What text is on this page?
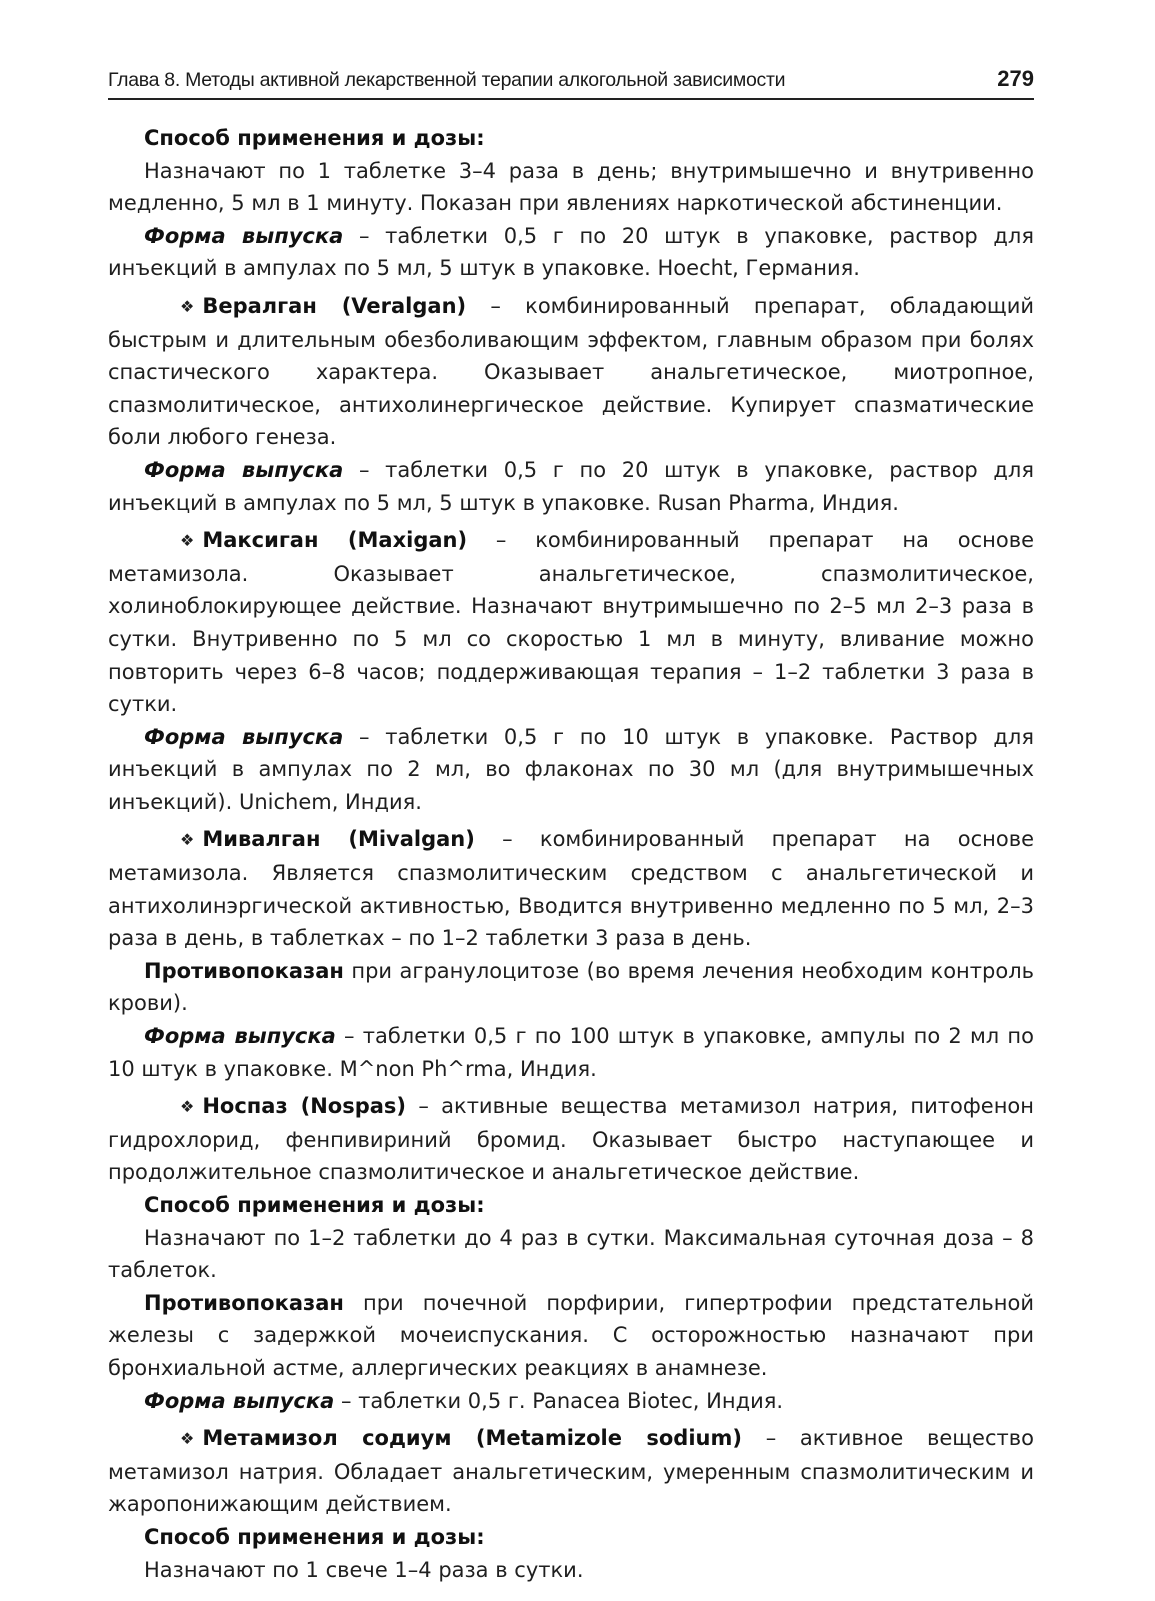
Глава 8. Методы активной лекарственной терапии алкогольной зависимости	279

Способ применения и дозы:

Назначают по 1 таблетке 3–4 раза в день; внутримышечно и внутривенно медленно, 5 мл в 1 минуту. Показан при явлениях наркотической абстиненции.

Форма выпуска – таблетки 0,5 г по 20 штук в упаковке, раствор для инъекций в ампулах по 5 мл, 5 штук в упаковке. Hoecht, Германия.

❖ Вералган (Veralgan) – комбинированный препарат, обладающий быстрым и длительным обезболивающим эффектом, главным образом при болях спастического характера. Оказывает анальгетическое, миотропное, спазмолитическое, антихолинергическое действие. Купирует спазматические боли любого генеза.

Форма выпуска – таблетки 0,5 г по 20 штук в упаковке, раствор для инъекций в ампулах по 5 мл, 5 штук в упаковке. Rusan Pharma, Индия.

❖ Максиган (Maxigan) – комбинированный препарат на основе метамизола. Оказывает анальгетическое, спазмолитическое, холиноблокирующее действие. Назначают внутримышечно по 2–5 мл 2–3 раза в сутки. Внутривенно по 5 мл со скоростью 1 мл в минуту, вливание можно повторить через 6–8 часов; поддерживающая терапия – 1–2 таблетки 3 раза в сутки.

Форма выпуска – таблетки 0,5 г по 10 штук в упаковке. Раствор для инъекций в ампулах по 2 мл, во флаконах по 30 мл (для внутримышечных инъекций). Unichem, Индия.

❖ Мивалган (Mivalgan) – комбинированный препарат на основе метамизола. Является спазмолитическим средством с анальгетической и антихолинэргической активностью, Вводится внутривенно медленно по 5 мл, 2–3 раза в день, в таблетках – по 1–2 таблетки 3 раза в день.

Противопоказан при агранулоцитозе (во время лечения необходим контроль крови).

Форма выпуска – таблетки 0,5 г по 100 штук в упаковке, ампулы по 2 мл по 10 штук в упаковке. M^non Ph^rma, Индия.

❖ Носпаз (Nospas) – активные вещества метамизол натрия, питофенон гидрохлорид, фенпивириний бромид. Оказывает быстро наступающее и продолжительное спазмолитическое и анальгетическое действие.

Способ применения и дозы:

Назначают по 1–2 таблетки до 4 раз в сутки. Максимальная суточная доза – 8 таблеток.

Противопоказан при почечной порфирии, гипертрофии предстательной железы с задержкой мочеиспускания. С осторожностью назначают при бронхиальной астме, аллергических реакциях в анамнезе.

Форма выпуска – таблетки 0,5 г. Panacea Biotec, Индия.

❖ Метамизол содиум (Metamizole sodium) – активное вещество метамизол натрия. Обладает анальгетическим, умеренным спазмолитическим и жаропонижающим действием.

Способ применения и дозы:

Назначают по 1 свече 1–4 раза в сутки.
